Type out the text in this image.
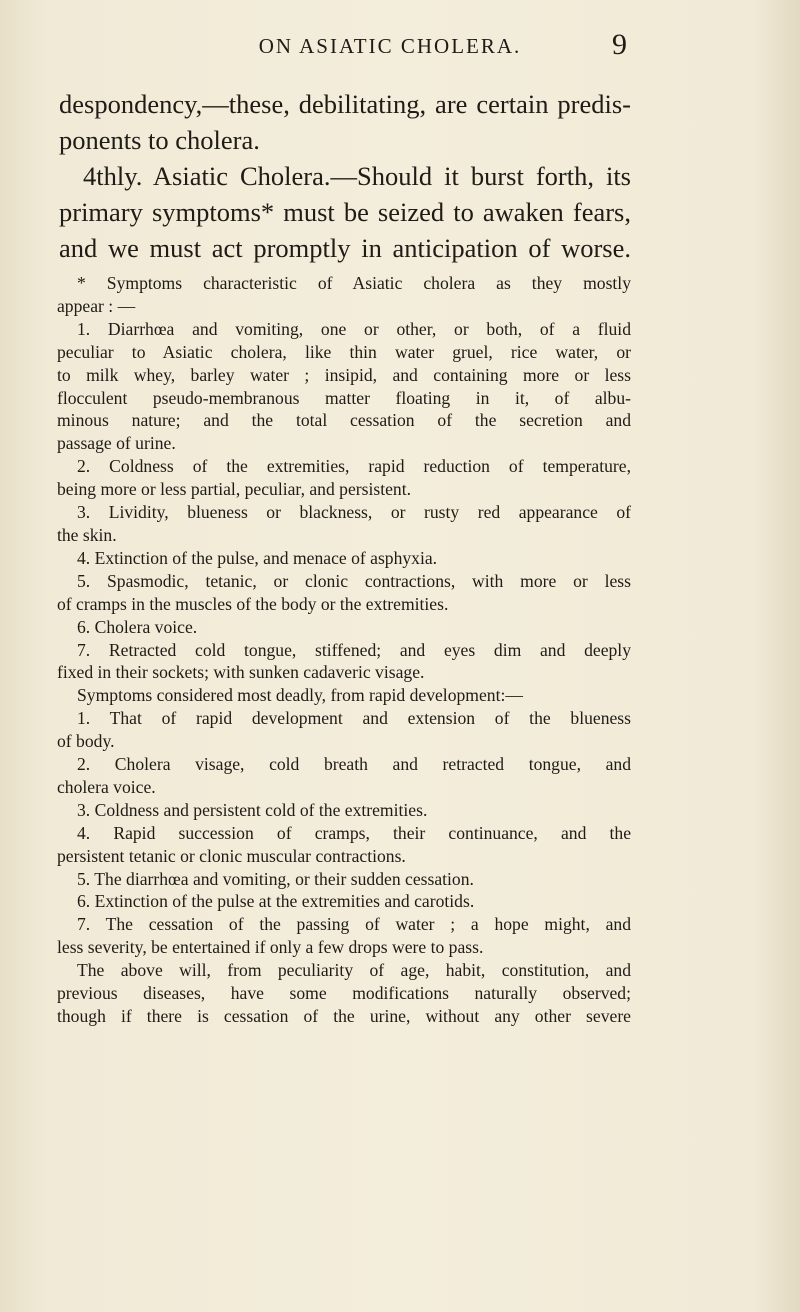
ON ASIATIC CHOLERA.	9

despondency,—these, debilitating, are certain predis-

ponents to cholera.

4thly. Asiatic Cholera.—Should it burst forth, its

primary symptoms* must be seized to awaken fears,

and we must act promptly in anticipation of worse.

* Symptoms characteristic of Asiatic cholera as they mostly

appear : —

1. Diarrhœa and vomiting, one or other, or both, of a fluid

peculiar to Asiatic cholera, like thin water gruel, rice water, or

to milk whey, barley water ; insipid, and containing more or less

flocculent pseudo-membranous matter floating in it, of albu-

minous nature; and the total cessation of the secretion and

passage of urine.

2. Coldness of the extremities, rapid reduction of temperature,

being more or less partial, peculiar, and persistent.

3. Lividity, blueness or blackness, or rusty red appearance of

the skin.

4. Extinction of the pulse, and menace of asphyxia.

5. Spasmodic, tetanic, or clonic contractions, with more or less

of cramps in the muscles of the body or the extremities.

6. Cholera voice.

7. Retracted cold tongue, stiffened; and eyes dim and deeply

fixed in their sockets; with sunken cadaveric visage.

Symptoms considered most deadly, from rapid development:—

1. That of rapid development and extension of the blueness

of body.

2. Cholera visage, cold breath and retracted tongue, and

cholera voice.

3. Coldness and persistent cold of the extremities.

4. Rapid succession of cramps, their continuance, and the

persistent tetanic or clonic muscular contractions.

5. The diarrhœa and vomiting, or their sudden cessation.

6. Extinction of the pulse at the extremities and carotids.

7. The cessation of the passing of water ; a hope might, and

less severity, be entertained if only a few drops were to pass.

The above will, from peculiarity of age, habit, constitution, and

previous diseases, have some modifications naturally observed;

though if there is cessation of the urine, without any other severe
